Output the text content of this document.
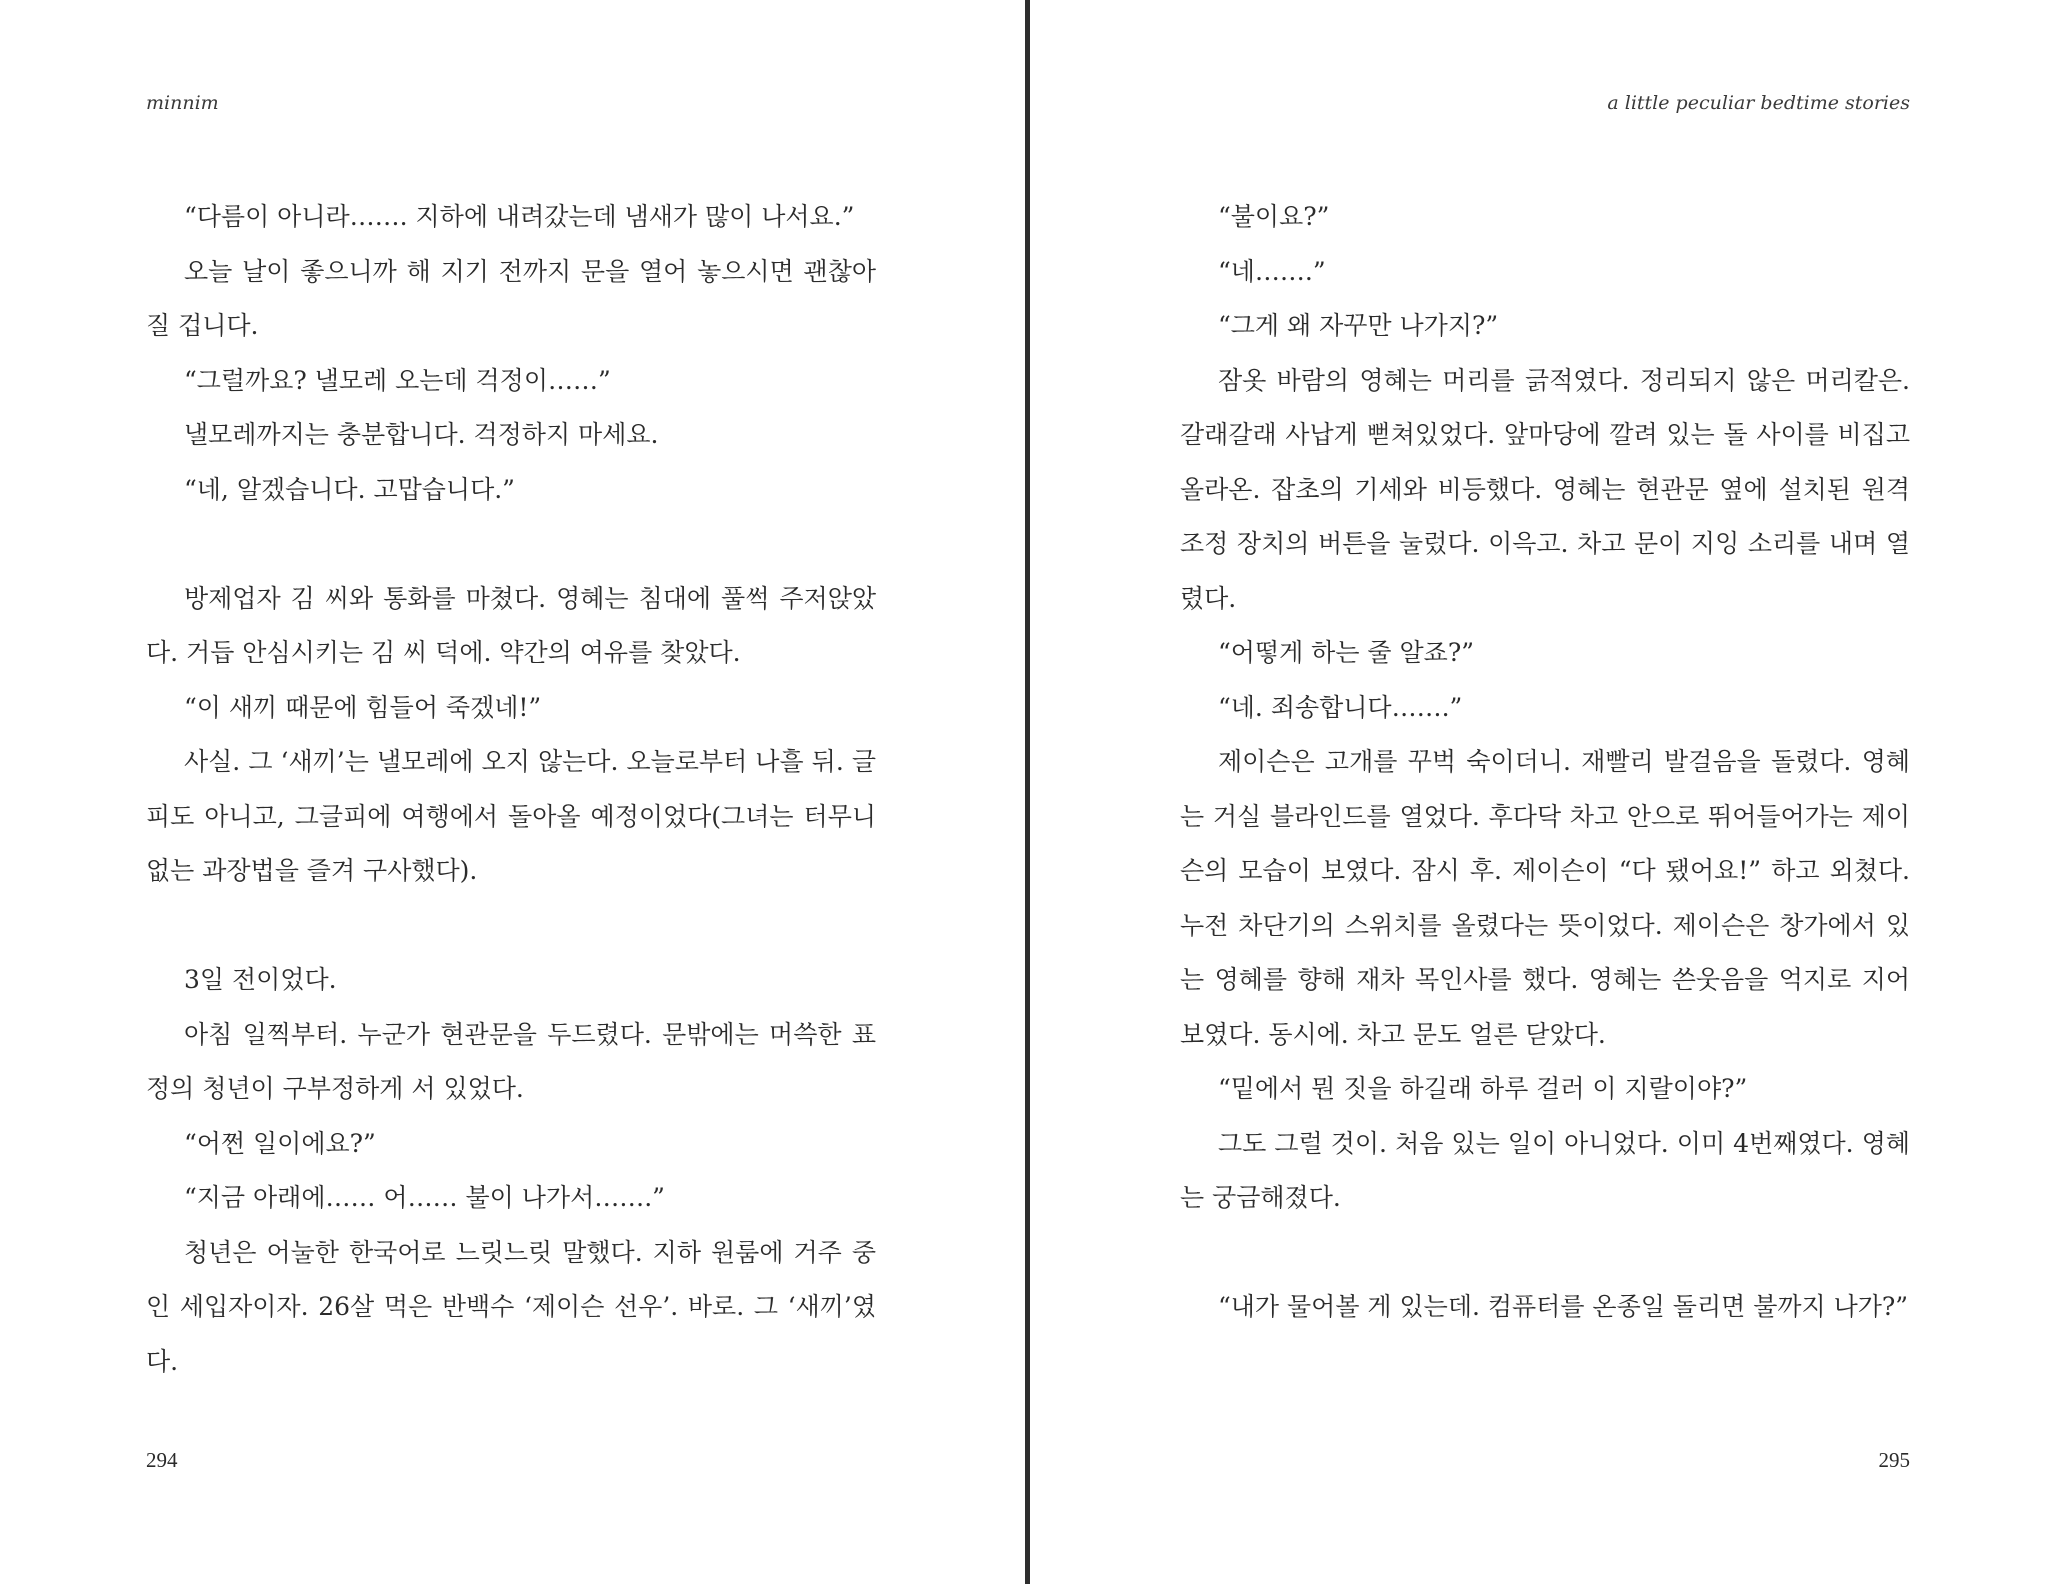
minnim

“다름이 아니라……. 지하에 내려갔는데 냄새가 많이 나서요.”

오늘 날이 좋으니까 해 지기 전까지 문을 열어 놓으시면 괜찮아 질 겁니다.

“그럴까요? 낼모레 오는데 걱정이……”

낼모레까지는 충분합니다. 걱정하지 마세요.

“네, 알겠습니다. 고맙습니다.”

방제업자 김 씨와 통화를 마쳤다. 영혜는 침대에 풀썩 주저앉았다. 거듭 안심시키는 김 씨 덕에. 약간의 여유를 찾았다.

“이 새끼 때문에 힘들어 죽겠네!”

사실. 그 ‘새끼’는 낼모레에 오지 않는다. 오늘로부터 나흘 뒤. 글피도 아니고, 그글피에 여행에서 돌아올 예정이었다(그녀는 터무니없는 과장법을 즐겨 구사했다).

3일 전이었다.

아침 일찍부터. 누군가 현관문을 두드렸다. 문밖에는 머쓱한 표정의 청년이 구부정하게 서 있었다.

“어쩐 일이에요?”

“지금 아래에…… 어…… 불이 나가서…….”

청년은 어눌한 한국어로 느릿느릿 말했다. 지하 원룸에 거주 중인 세입자이자. 26살 먹은 반백수 ‘제이슨 선우’. 바로. 그 ‘새끼’였다.

294
a little peculiar bedtime stories

“불이요?”

“네…….”

“그게 왜 자꾸만 나가지?”

잠옷 바람의 영혜는 머리를 긁적였다. 정리되지 않은 머리칼은. 갈래갈래 사납게 뻗쳐있었다. 앞마당에 깔려 있는 돌 사이를 비집고 올라온. 잡초의 기세와 비등했다. 영혜는 현관문 옆에 설치된 원격 조정 장치의 버튼을 눌렀다. 이윽고. 차고 문이 지잉 소리를 내며 열렸다.

“어떻게 하는 줄 알죠?”

“네. 죄송합니다…….”

제이슨은 고개를 꾸벅 숙이더니. 재빨리 발걸음을 돌렸다. 영혜는 거실 블라인드를 열었다. 후다닥 차고 안으로 뛰어들어가는 제이슨의 모습이 보였다. 잠시 후. 제이슨이 “다 됐어요!” 하고 외쳤다. 누전 차단기의 스위치를 올렸다는 뜻이었다. 제이슨은 창가에서 있는 영혜를 향해 재차 목인사를 했다. 영혜는 쓴웃음을 억지로 지어 보였다. 동시에. 차고 문도 얼른 닫았다.

“밑에서 뭔 짓을 하길래 하루 걸러 이 지랄이야?”

그도 그럴 것이. 처음 있는 일이 아니었다. 이미 4번째였다. 영혜는 궁금해졌다.

“내가 물어볼 게 있는데. 컴퓨터를 온종일 돌리면 불까지 나가?”

295
